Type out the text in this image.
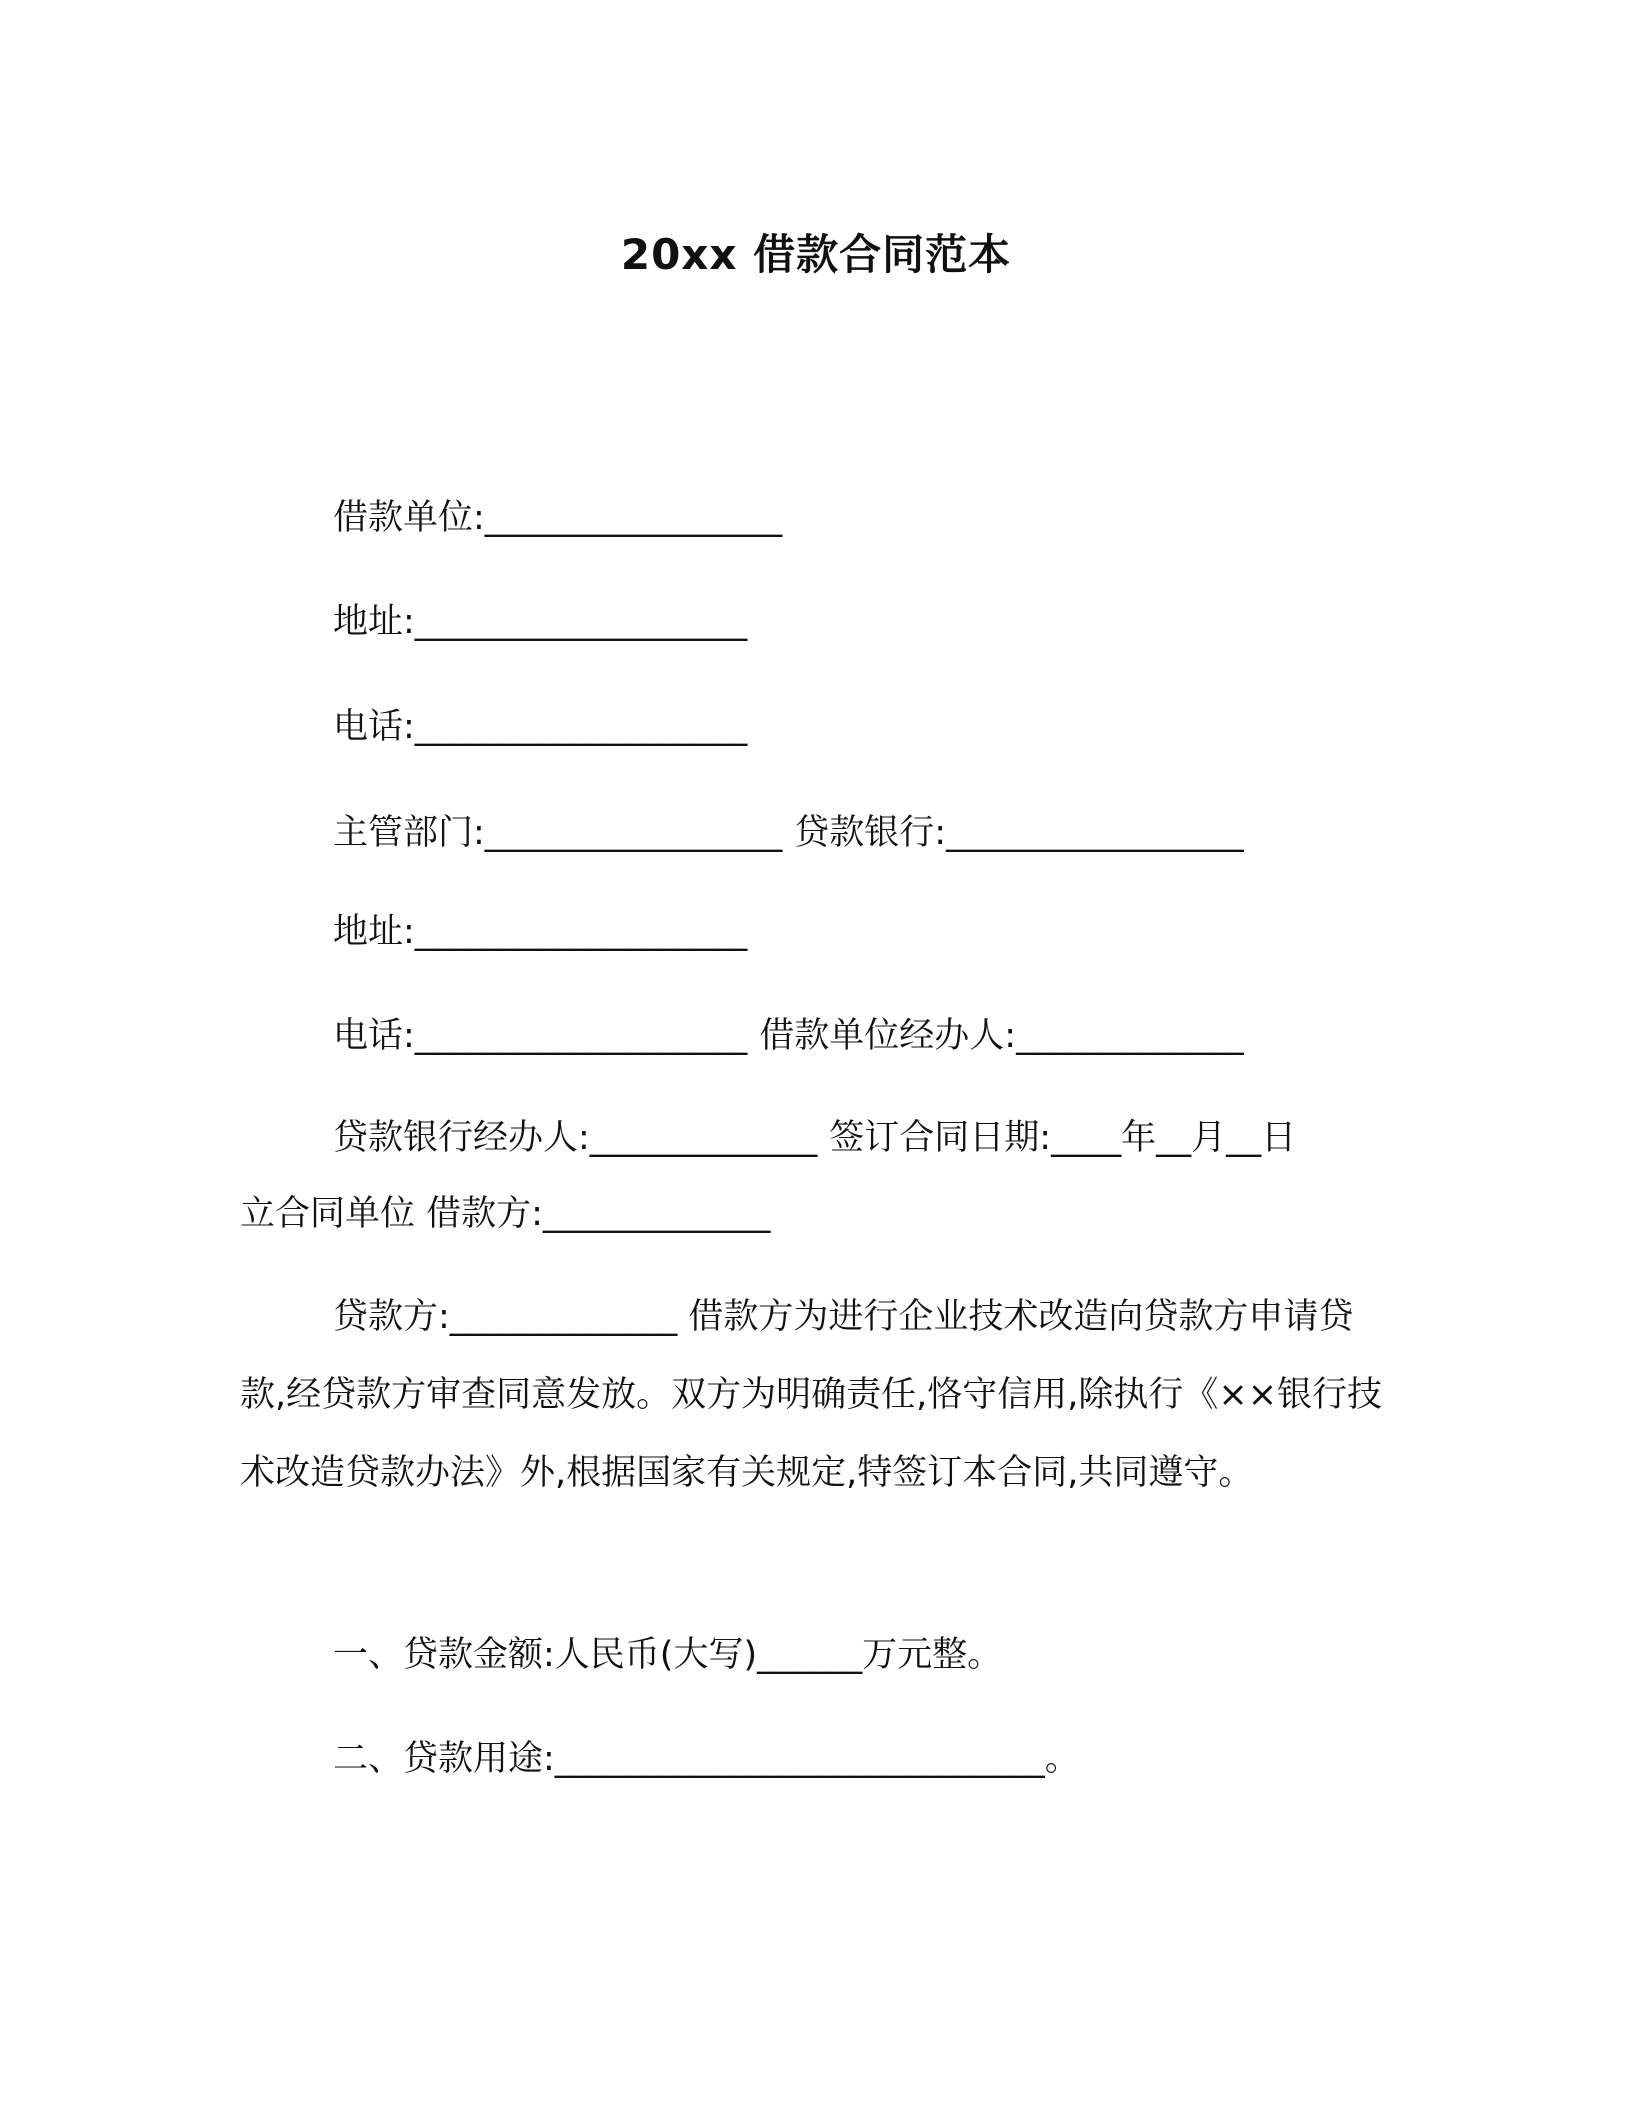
20xx 借款合同范本
借款单位:_________________
地址:___________________
电话:___________________
主管部门:_________________ 贷款银行:_________________
地址:___________________
电话:___________________ 借款单位经办人:_____________
贷款银行经办人:_____________ 签订合同日期:____年__月__日
立合同单位 借款方:_____________
贷款方:_____________ 借款方为进行企业技术改造向贷款方申请贷款,经贷款方审查同意发放。双方为明确责任,恪守信用,除执行《××银行技术改造贷款办法》外,根据国家有关规定,特签订本合同,共同遵守。
一、贷款金额:人民币(大写)______万元整。
二、贷款用途:____________________________。
